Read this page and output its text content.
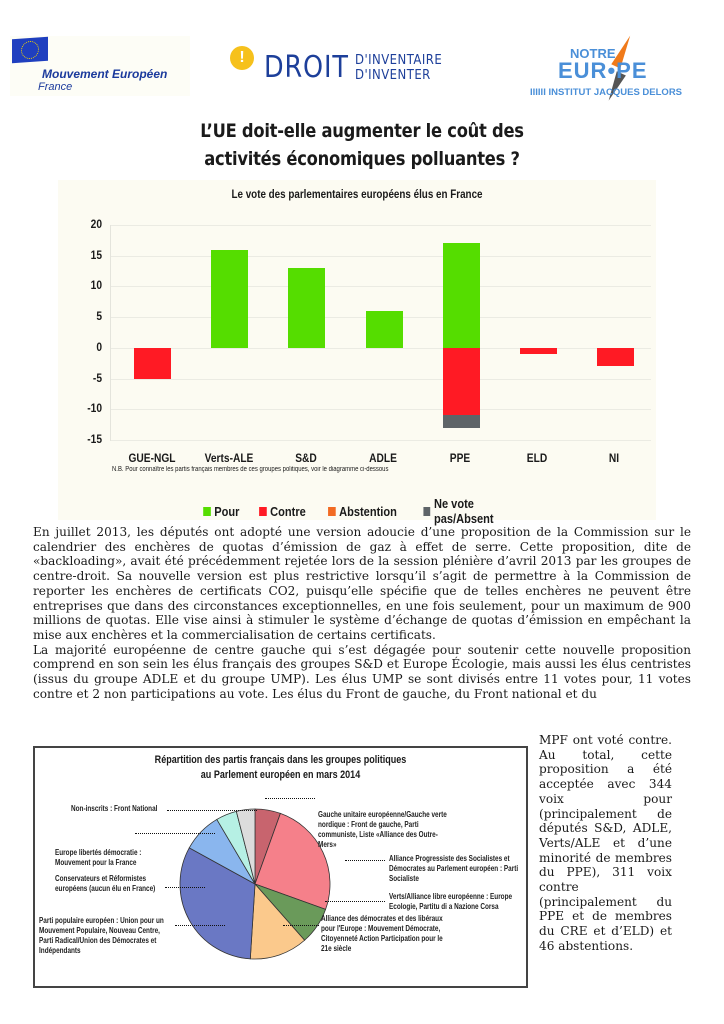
Mouvement Européen
France
! DROIT D'INVENTAIRE
D'INVENTER
NOTRE
EUR•PE
IIIIII INSTITUT JACQUES DELORS
L’UE doit-elle augmenter le coût des
activités économiques polluantes ?
Le vote des parlementaires européens élus en France
20
15
10
5
0
-5
-10
-15
GUE-NGL	Verts-ALE	S&D	ADLE	PPE	ELD	NI
N.B. Pour connaître les partis français membres de ces groupes politiques, voir le diagramme ci-dessous
Pour Contre	Abstention	Ne vote pas/Absent

En juillet 2013, les députés ont adopté une version adoucie d’une proposition de la Commission sur le calendrier des enchères de quotas d’émission de gaz à effet de serre. Cette proposition, dite de «backloading», avait été précédemment rejetée lors de la session plénière d’avril 2013 par les groupes de centre-droit. Sa nouvelle version est plus restrictive lorsqu’il s’agit de permettre à la Commission de reporter les enchères de certificats CO2, puisqu’elle spécifie que de telles enchères ne peuvent être entreprises que dans des circonstances exceptionnelles, en une fois seulement, pour un maximum de 900 millions de quotas. Elle vise ainsi à stimuler le système d’échange de quotas d’émission en empêchant la mise aux enchères et la commercialisation de certains certificats.

La majorité européenne de centre gauche qui s’est dégagée pour soutenir cette nouvelle proposition comprend en son sein les élus français des groupes S&D et Europe Écologie, mais aussi les élus centristes (issus du groupe ADLE et du groupe UMP). Les élus UMP se sont divisés entre 11 votes pour, 11 votes contre et 2 non participations au vote. Les élus du Front de gauche, du Front national et du

MPF ont voté contre. Au total, cette proposition a été acceptée avec 344 voix pour (principalement de députés S&D, ADLE, Verts/ALE et d’une minorité de membres du PPE), 311 voix contre (principalement du PPE et de membres du CRE et d’ELD) et 46 abstentions.
Répartition des partis français dans les groupes politiques
au Parlement européen en mars 2014
Non-inscrits : Front National
Europe libertés démocratie : Mouvement pour la France
Conservateurs et Réformistes européens (aucun élu en France)
Parti populaire européen : Union pour un Mouvement Populaire, Nouveau Centre, Parti Radical/Union des Démocrates et Indépendants
Gauche unitaire européenne/Gauche verte nordique : Front de gauche, Parti communiste, Liste «Alliance des Outre-Mers»
Alliance Progressiste des Socialistes et Démocrates au Parlement européen : Parti Socialiste
Verts/Alliance libre européenne : Europe Ecologie, Partitu di a Nazione Corsa
Alliance des démocrates et des libéraux pour l'Europe : Mouvement Démocrate, Citoyenneté Action Participation pour le 21e siècle
